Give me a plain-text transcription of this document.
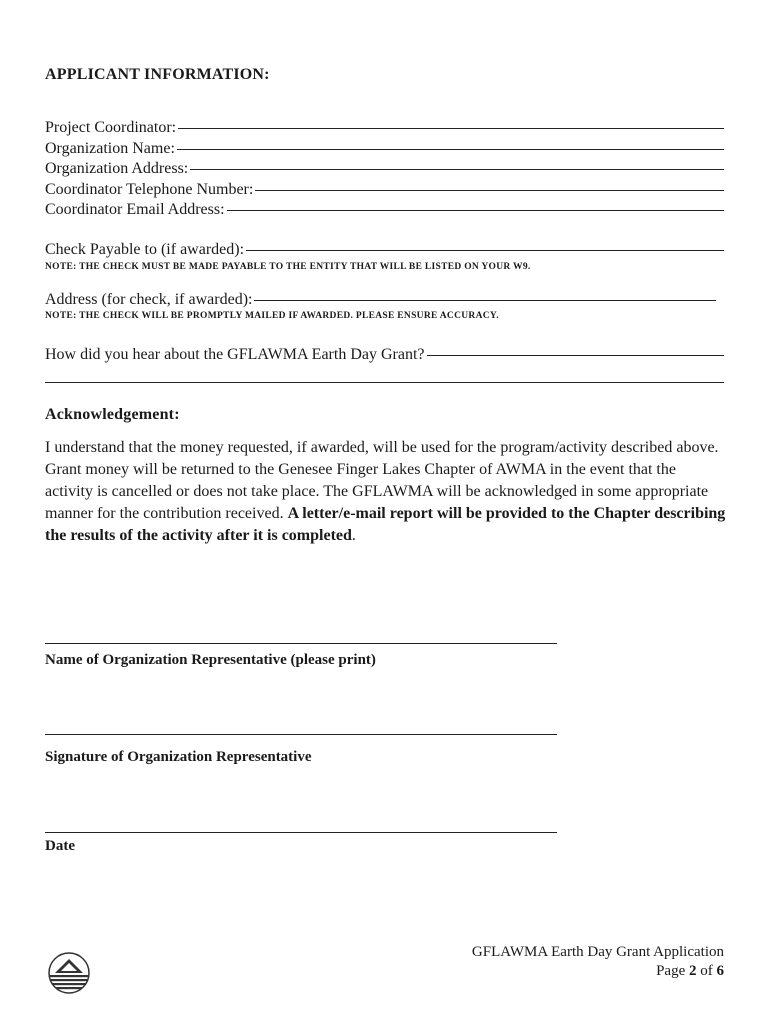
APPLICANT INFORMATION:
Project Coordinator:
Organization Name:
Organization Address:
Coordinator Telephone Number:
Coordinator Email Address:
Check Payable to (if awarded):
NOTE: THE CHECK MUST BE MADE PAYABLE TO THE ENTITY THAT WILL BE LISTED ON YOUR W9.
Address (for check, if awarded):
NOTE: THE CHECK WILL BE PROMPTLY MAILED IF AWARDED. PLEASE ENSURE ACCURACY.
How did you hear about the GFLAWMA Earth Day Grant?
Acknowledgement:
I understand that the money requested, if awarded, will be used for the program/activity described above. Grant money will be returned to the Genesee Finger Lakes Chapter of AWMA in the event that the activity is cancelled or does not take place. The GFLAWMA will be acknowledged in some appropriate manner for the contribution received. A letter/e-mail report will be provided to the Chapter describing the results of the activity after it is completed.
Name of Organization Representative (please print)
Signature of Organization Representative
Date
GFLAWMA Earth Day Grant Application
Page 2 of 6
